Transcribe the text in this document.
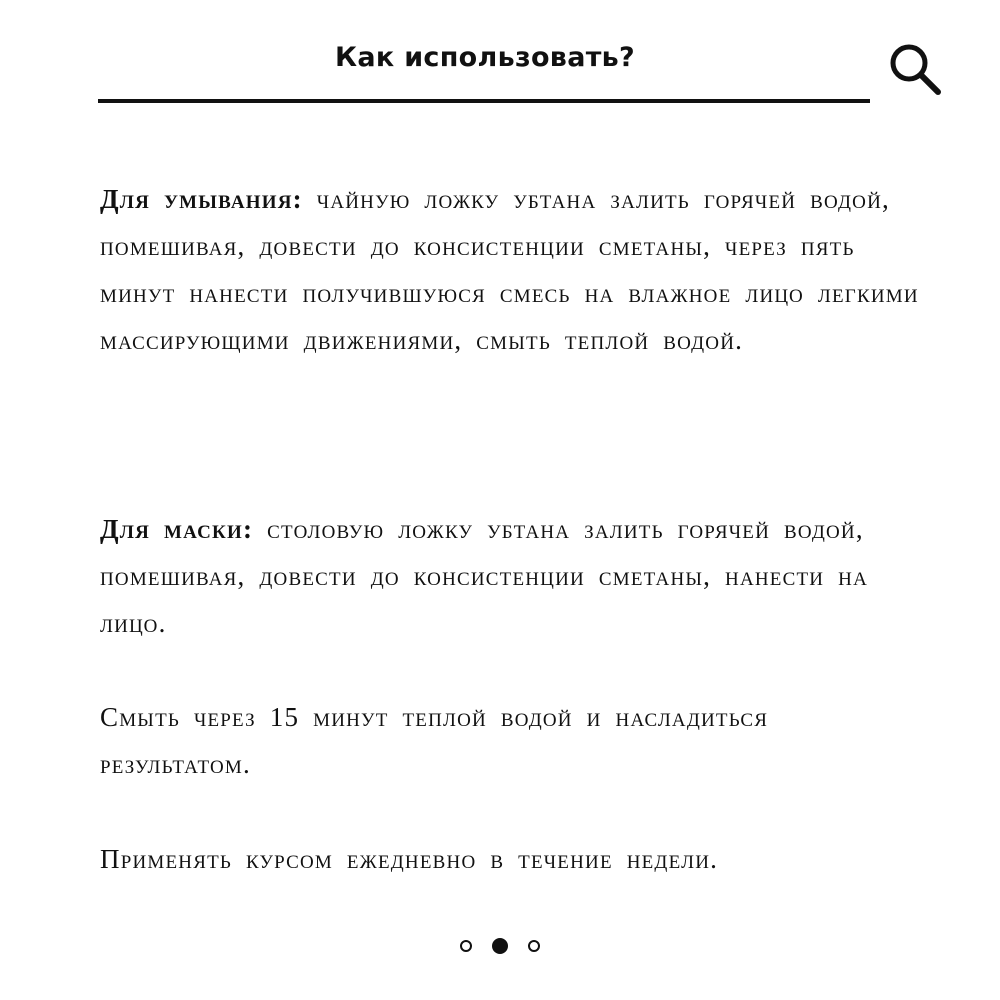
Как использовать?

Для умывания: чайную ложку убтана залить горячей водой, помешивая, довести до консистенции сметаны, через пять минут нанести получившуюся смесь на влажное лицо легкими массирующими движениями, смыть теплой водой.

Для маски: столовую ложку убтана залить горячей водой, помешивая, довести до консистенции сметаны, нанести на лицо.

Смыть через 15 минут теплой водой и насладиться результатом.

Применять курсом ежедневно в течение недели.
